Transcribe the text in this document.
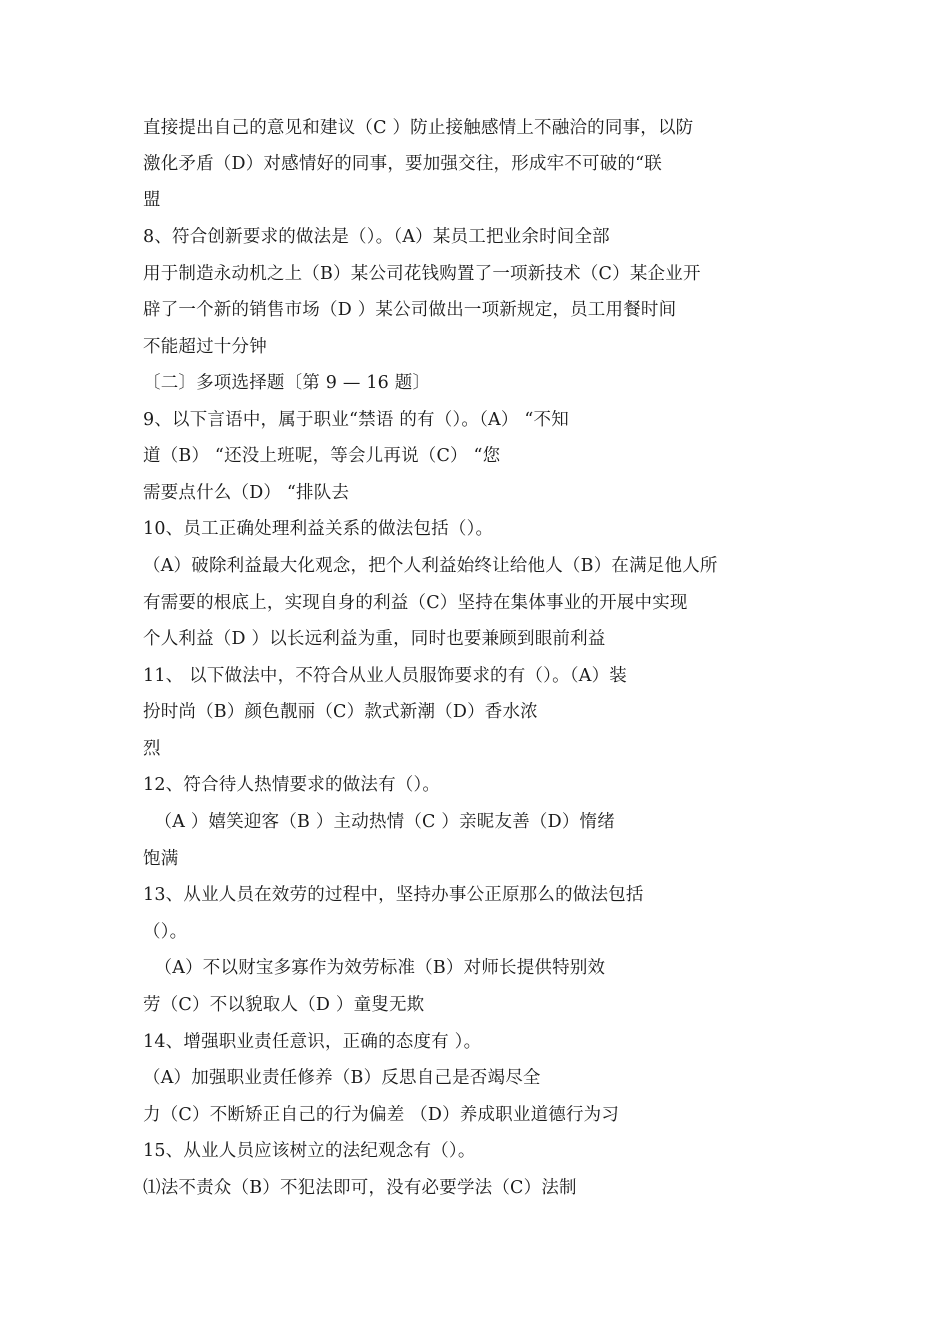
直接提出自己的意见和建议（C ）防止接触感情上不融洽的同事，以防
激化矛盾（D）对感情好的同事，要加强交往，形成牢不可破的“联
盟
8、符合创新要求的做法是（）。（A）某员工把业余时间全部
用于制造永动机之上（B）某公司花钱购置了一项新技术（C）某企业开
辟了一个新的销售市场（D ）某公司做出一项新规定，员工用餐时间
不能超过十分钟
〔二〕多项选择题〔第 9 — 16 题〕
9、以下言语中，属于职业“禁语 的有（）。（A） “不知
道（B） “还没上班呢，等会儿再说（C） “您
需要点什么（D） “排队去
10、员工正确处理利益关系的做法包括（）。
（A）破除利益最大化观念，把个人利益始终让给他人（B）在满足他人所
有需要的根底上，实现自身的利益（C）坚持在集体事业的开展中实现
个人利益（D ）以长远利益为重，同时也要兼顾到眼前利益
11、 以下做法中，不符合从业人员服饰要求的有（）。（A）装
扮时尚（B）颜色靓丽（C）款式新潮（D）香水浓
烈
12、符合待人热情要求的做法有（）。
（A ）嬉笑迎客（B ）主动热情（C ）亲昵友善（D）惰绪
饱满
13、从业人员在效劳的过程中，坚持办事公正原那么的做法包括
（）。
（A）不以财宝多寡作为效劳标准（B）对师长提供特别效
劳（C）不以貌取人（D ）童叟无欺
14、增强职业责任意识，正确的态度有 ）。
（A）加强职业责任修养（B）反思自己是否竭尽全
力（C）不断矫正自己的行为偏差 （D）养成职业道德行为习
15、从业人员应该树立的法纪观念有（）。
⑴法不责众（B）不犯法即可，没有必要学法（C）法制
